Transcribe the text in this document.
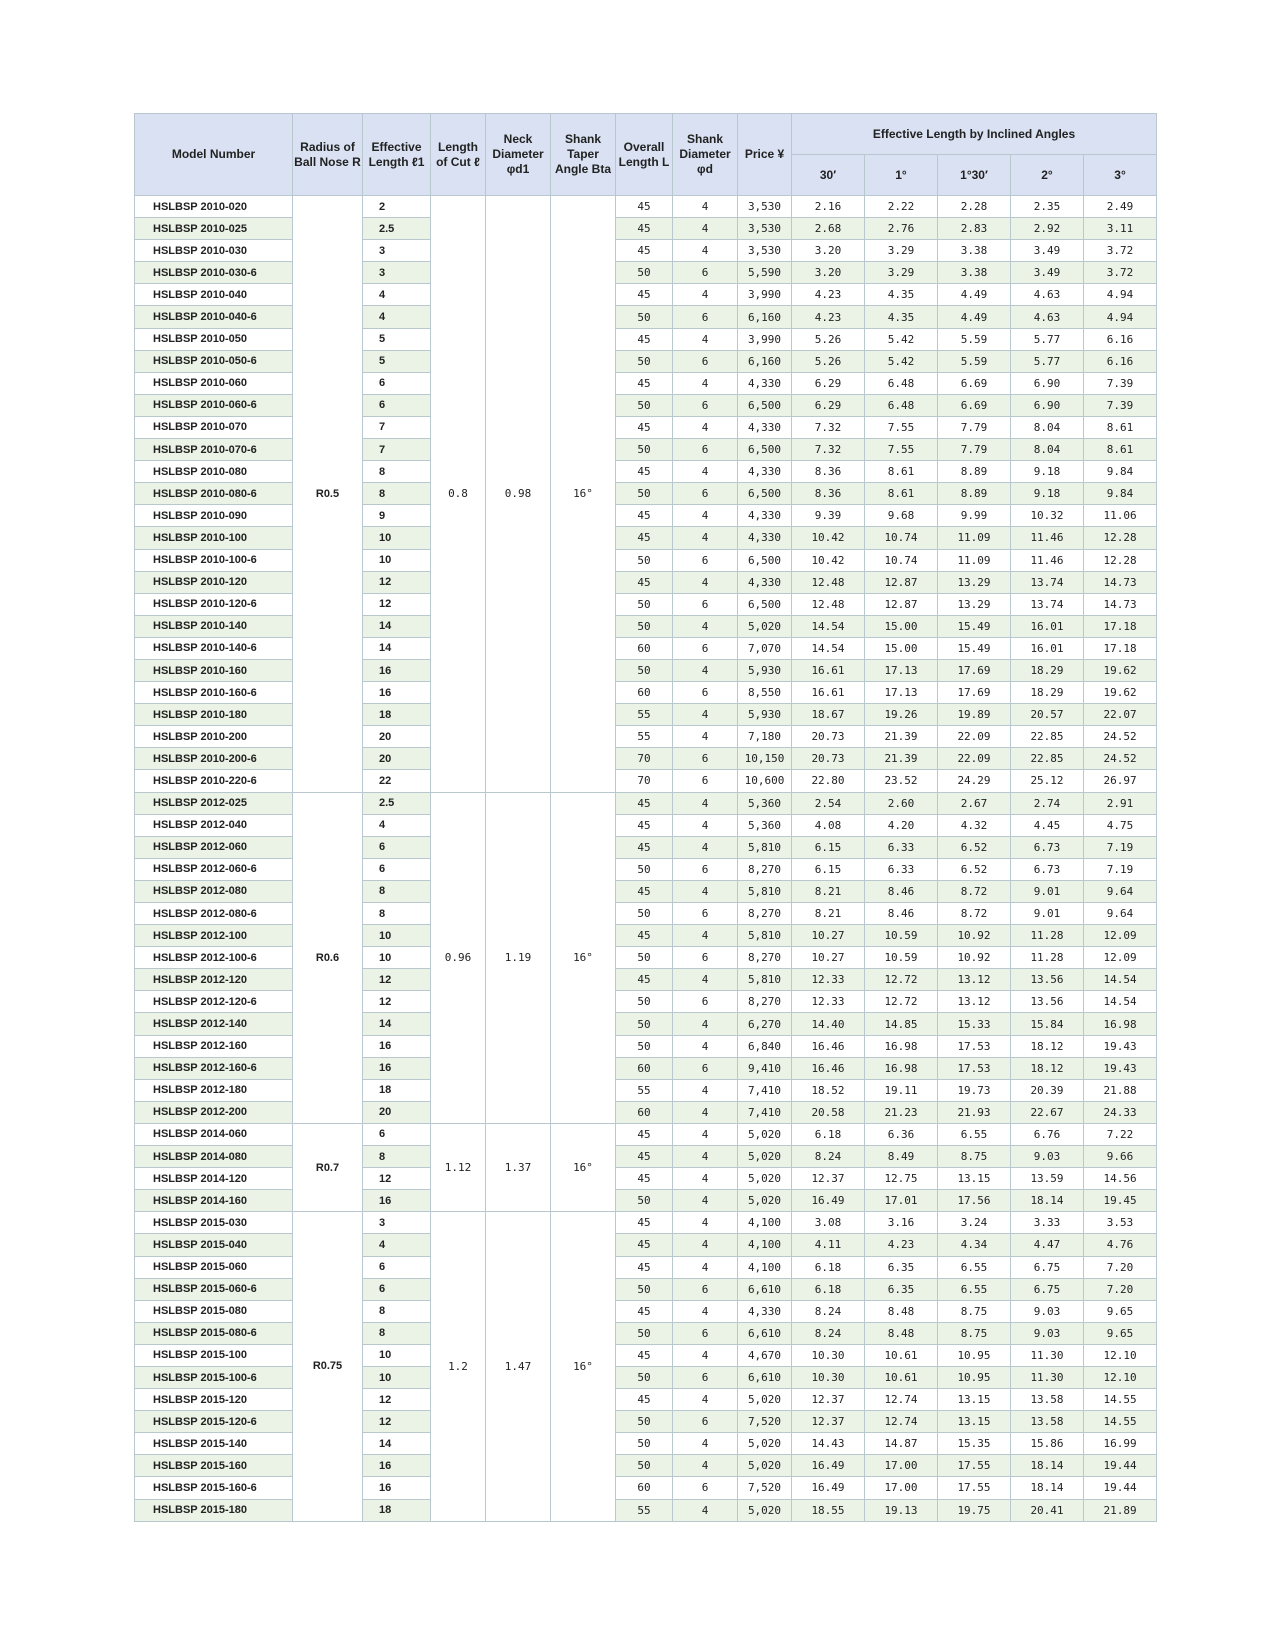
Model Number	Radius of Ball Nose R	Effective Length ℓ1	Length of Cut ℓ	Neck Diameter φd1	Shank Taper Angle Bta	Overall Length L	Shank Diameter φd	Price ¥	Effective Length by Inclined Angles				
									30′	1°	1°30′	2°	3°
HSLBSP 2010-020	R0.5	2	0.8	0.98	16°	45	4	3,530	2.16	2.22	2.28	2.35	2.49
HSLBSP 2010-025		2.5				45	4	3,530	2.68	2.76	2.83	2.92	3.11
HSLBSP 2010-030		3				45	4	3,530	3.20	3.29	3.38	3.49	3.72
HSLBSP 2010-030-6		3				50	6	5,590	3.20	3.29	3.38	3.49	3.72
HSLBSP 2010-040		4				45	4	3,990	4.23	4.35	4.49	4.63	4.94
HSLBSP 2010-040-6		4				50	6	6,160	4.23	4.35	4.49	4.63	4.94
HSLBSP 2010-050		5				45	4	3,990	5.26	5.42	5.59	5.77	6.16
HSLBSP 2010-050-6		5				50	6	6,160	5.26	5.42	5.59	5.77	6.16
HSLBSP 2010-060		6				45	4	4,330	6.29	6.48	6.69	6.90	7.39
HSLBSP 2010-060-6		6				50	6	6,500	6.29	6.48	6.69	6.90	7.39
HSLBSP 2010-070		7				45	4	4,330	7.32	7.55	7.79	8.04	8.61
HSLBSP 2010-070-6		7				50	6	6,500	7.32	7.55	7.79	8.04	8.61
HSLBSP 2010-080		8				45	4	4,330	8.36	8.61	8.89	9.18	9.84
HSLBSP 2010-080-6		8				50	6	6,500	8.36	8.61	8.89	9.18	9.84
HSLBSP 2010-090		9				45	4	4,330	9.39	9.68	9.99	10.32	11.06
HSLBSP 2010-100		10				45	4	4,330	10.42	10.74	11.09	11.46	12.28
HSLBSP 2010-100-6		10				50	6	6,500	10.42	10.74	11.09	11.46	12.28
HSLBSP 2010-120		12				45	4	4,330	12.48	12.87	13.29	13.74	14.73
HSLBSP 2010-120-6		12				50	6	6,500	12.48	12.87	13.29	13.74	14.73
HSLBSP 2010-140		14				50	4	5,020	14.54	15.00	15.49	16.01	17.18
HSLBSP 2010-140-6		14				60	6	7,070	14.54	15.00	15.49	16.01	17.18
HSLBSP 2010-160		16				50	4	5,930	16.61	17.13	17.69	18.29	19.62
HSLBSP 2010-160-6		16				60	6	8,550	16.61	17.13	17.69	18.29	19.62
HSLBSP 2010-180		18				55	4	5,930	18.67	19.26	19.89	20.57	22.07
HSLBSP 2010-200		20				55	4	7,180	20.73	21.39	22.09	22.85	24.52
HSLBSP 2010-200-6		20				70	6	10,150	20.73	21.39	22.09	22.85	24.52
HSLBSP 2010-220-6		22				70	6	10,600	22.80	23.52	24.29	25.12	26.97
HSLBSP 2012-025	R0.6	2.5	0.96	1.19	16°	45	4	5,360	2.54	2.60	2.67	2.74	2.91
HSLBSP 2012-040		4				45	4	5,360	4.08	4.20	4.32	4.45	4.75
HSLBSP 2012-060		6				45	4	5,810	6.15	6.33	6.52	6.73	7.19
HSLBSP 2012-060-6		6				50	6	8,270	6.15	6.33	6.52	6.73	7.19
HSLBSP 2012-080		8				45	4	5,810	8.21	8.46	8.72	9.01	9.64
HSLBSP 2012-080-6		8				50	6	8,270	8.21	8.46	8.72	9.01	9.64
HSLBSP 2012-100		10				45	4	5,810	10.27	10.59	10.92	11.28	12.09
HSLBSP 2012-100-6		10				50	6	8,270	10.27	10.59	10.92	11.28	12.09
HSLBSP 2012-120		12				45	4	5,810	12.33	12.72	13.12	13.56	14.54
HSLBSP 2012-120-6		12				50	6	8,270	12.33	12.72	13.12	13.56	14.54
HSLBSP 2012-140		14				50	4	6,270	14.40	14.85	15.33	15.84	16.98
HSLBSP 2012-160		16				50	4	6,840	16.46	16.98	17.53	18.12	19.43
HSLBSP 2012-160-6		16				60	6	9,410	16.46	16.98	17.53	18.12	19.43
HSLBSP 2012-180		18				55	4	7,410	18.52	19.11	19.73	20.39	21.88
HSLBSP 2012-200		20				60	4	7,410	20.58	21.23	21.93	22.67	24.33
HSLBSP 2014-060	R0.7	6	1.12	1.37	16°	45	4	5,020	6.18	6.36	6.55	6.76	7.22
HSLBSP 2014-080		8				45	4	5,020	8.24	8.49	8.75	9.03	9.66
HSLBSP 2014-120		12				45	4	5,020	12.37	12.75	13.15	13.59	14.56
HSLBSP 2014-160		16				50	4	5,020	16.49	17.01	17.56	18.14	19.45
HSLBSP 2015-030	R0.75	3	1.2	1.47	16°	45	4	4,100	3.08	3.16	3.24	3.33	3.53
HSLBSP 2015-040		4				45	4	4,100	4.11	4.23	4.34	4.47	4.76
HSLBSP 2015-060		6				45	4	4,100	6.18	6.35	6.55	6.75	7.20
HSLBSP 2015-060-6		6				50	6	6,610	6.18	6.35	6.55	6.75	7.20
HSLBSP 2015-080		8				45	4	4,330	8.24	8.48	8.75	9.03	9.65
HSLBSP 2015-080-6		8				50	6	6,610	8.24	8.48	8.75	9.03	9.65
HSLBSP 2015-100		10				45	4	4,670	10.30	10.61	10.95	11.30	12.10
HSLBSP 2015-100-6		10				50	6	6,610	10.30	10.61	10.95	11.30	12.10
HSLBSP 2015-120		12				45	4	5,020	12.37	12.74	13.15	13.58	14.55
HSLBSP 2015-120-6		12				50	6	7,520	12.37	12.74	13.15	13.58	14.55
HSLBSP 2015-140		14				50	4	5,020	14.43	14.87	15.35	15.86	16.99
HSLBSP 2015-160		16				50	4	5,020	16.49	17.00	17.55	18.14	19.44
HSLBSP 2015-160-6		16				60	6	7,520	16.49	17.00	17.55	18.14	19.44
HSLBSP 2015-180		18				55	4	5,020	18.55	19.13	19.75	20.41	21.89
